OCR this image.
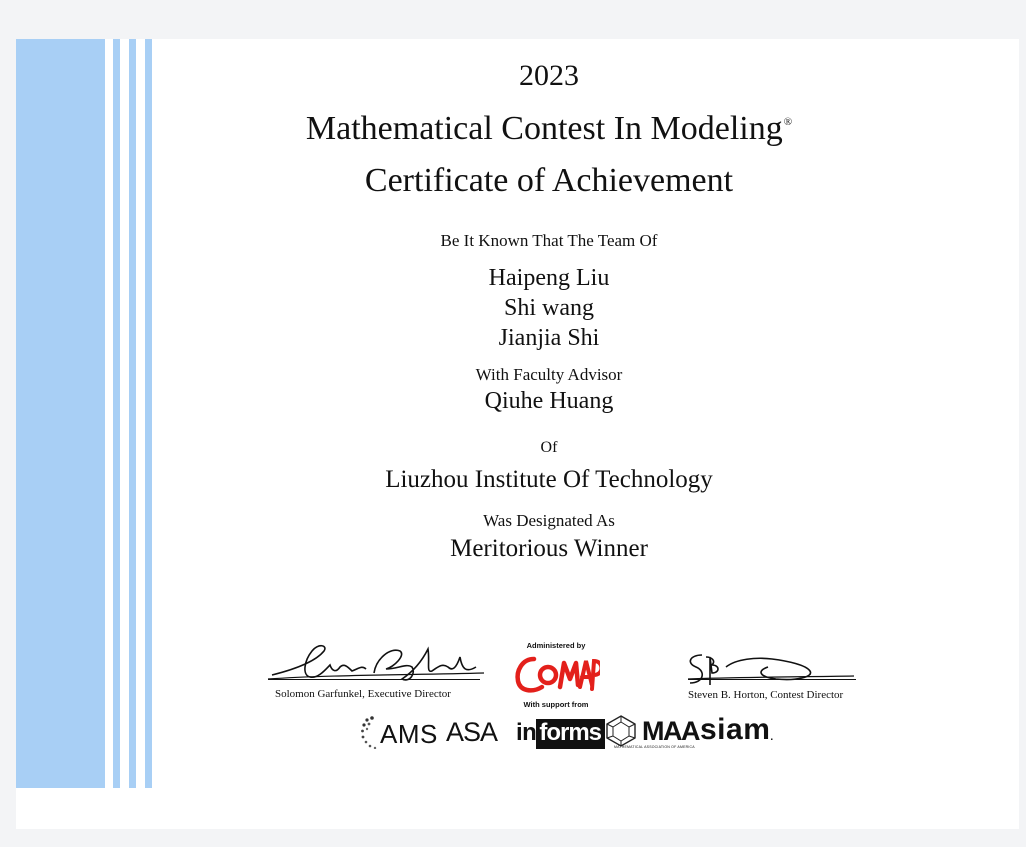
2023
Mathematical Contest In Modeling®
Certificate of Achievement
Be It Known That The Team Of
Haipeng Liu
Shi wang
Jianjia Shi
With Faculty Advisor
Qiuhe Huang
Of
Liuzhou Institute Of Technology
Was Designated As
Meritorious Winner
Solomon Garfunkel, Executive Director
Administered by
With support from
Steven B. Horton, Contest Director
AMS ASA in forms MAA
MATHEMATICAL ASSOCIATION OF AMERICA
siam.
